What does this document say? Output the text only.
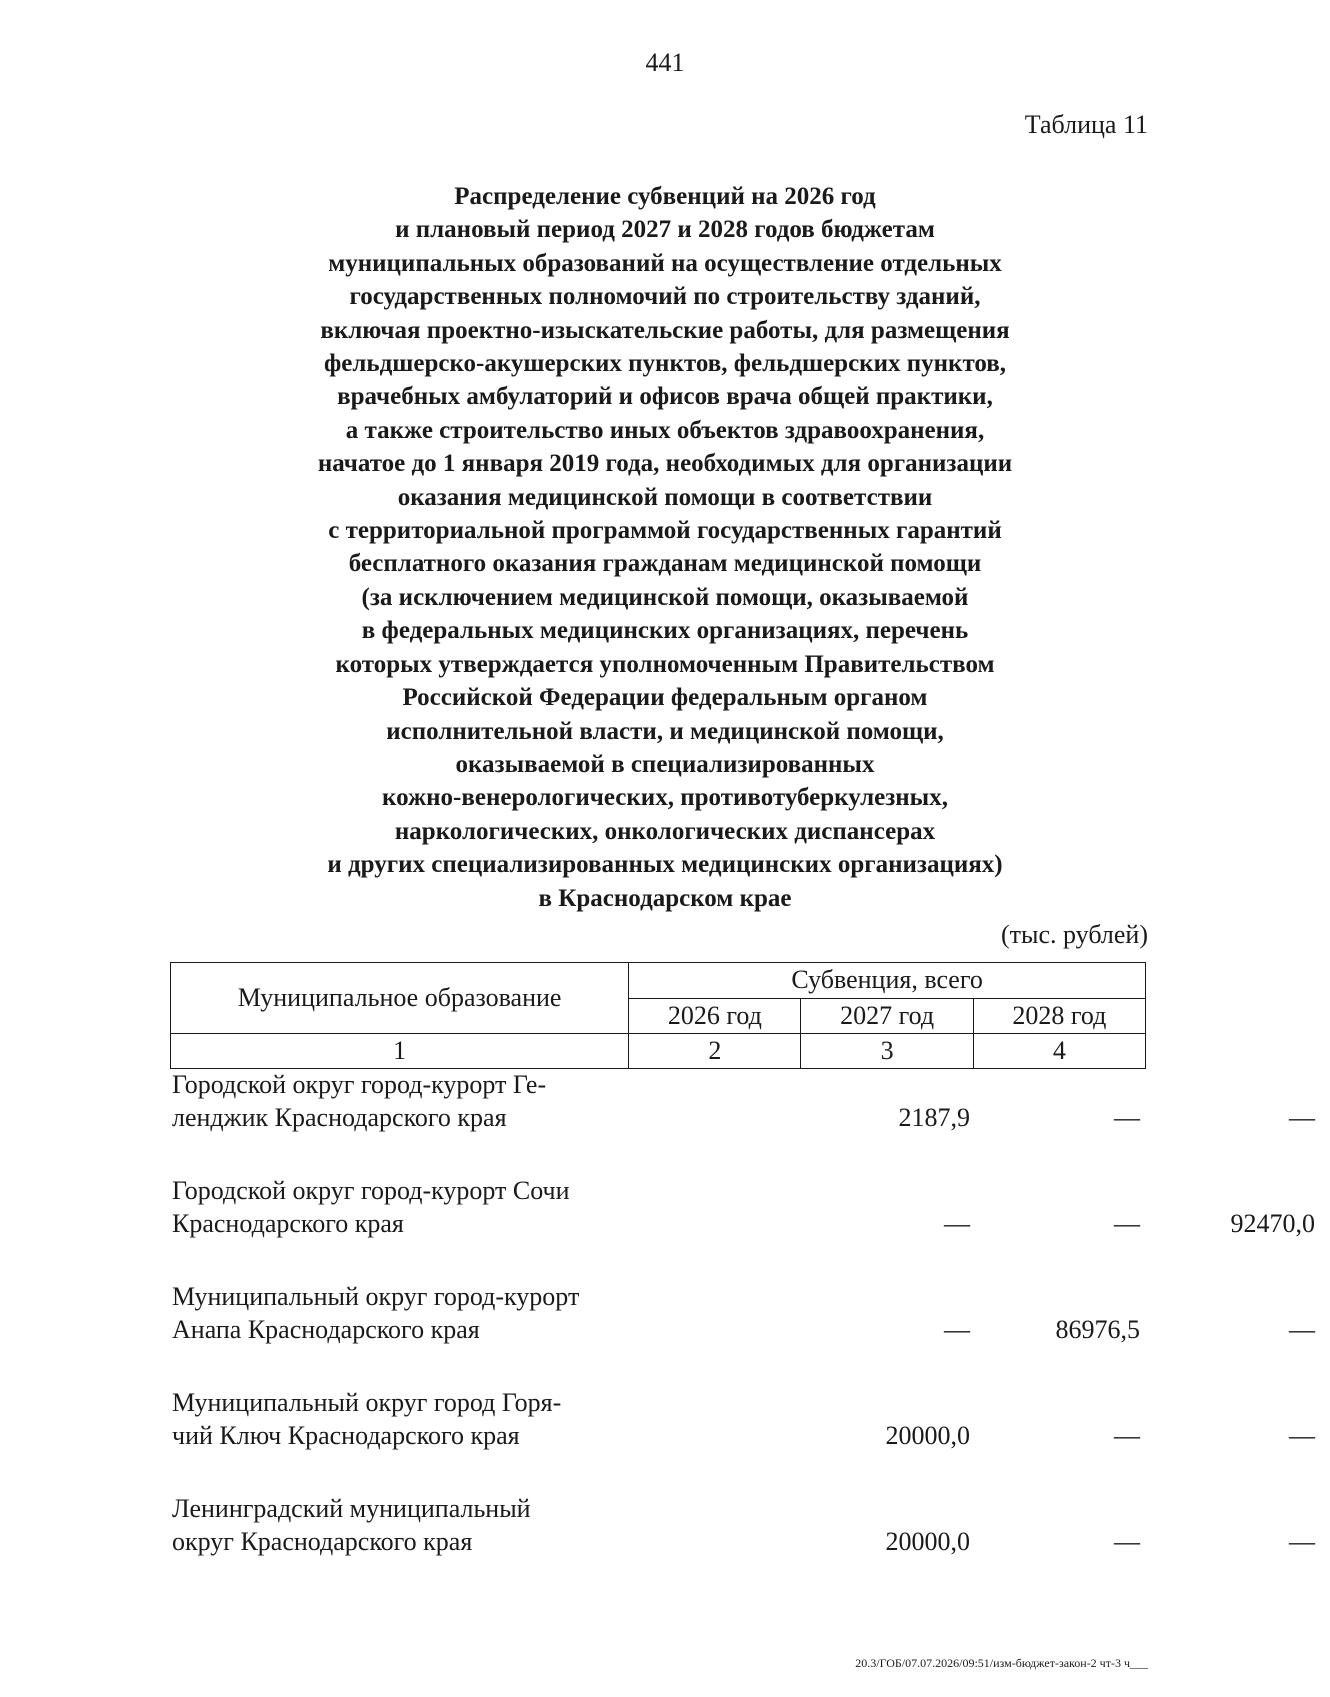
441
Таблица 11
Распределение субвенций на 2026 год
и плановый период 2027 и 2028 годов бюджетам
муниципальных образований на осуществление отдельных
государственных полномочий по строительству зданий,
включая проектно-изыскательские работы, для размещения
фельдшерско-акушерских пунктов, фельдшерских пунктов,
врачебных амбулаторий и офисов врача общей практики,
а также строительство иных объектов здравоохранения,
начатое до 1 января 2019 года, необходимых для организации
оказания медицинской помощи в соответствии
с территориальной программой государственных гарантий
бесплатного оказания гражданам медицинской помощи
(за исключением медицинской помощи, оказываемой
в федеральных медицинских организациях, перечень
которых утверждается уполномоченным Правительством
Российской Федерации федеральным органом
исполнительной власти, и медицинской помощи,
оказываемой в специализированных
кожно-венерологических, противотуберкулезных,
наркологических, онкологических диспансерах
и других специализированных медицинских организациях)
в Краснодарском крае
(тыс. рублей)
Муниципальное образование	Субвенция, всего		
	2026 год	2027 год	2028 год
1	2	3	4
Городской округ город-курорт Ге-
ленджик Краснодарского края	2187,9	—	—
Городской округ город-курорт Сочи
Краснодарского края	—	—	92470,0
Муниципальный округ город-курорт
Анапа Краснодарского края	—	86976,5	—
Муниципальный округ город Горя-
чий Ключ Краснодарского края	20000,0	—	—
Ленинградский муниципальный
округ Краснодарского края	20000,0	—	—
20.3/ГОБ/07.07.2026/09:51/изм-бюджет-закон-2 чт-3 ч___
